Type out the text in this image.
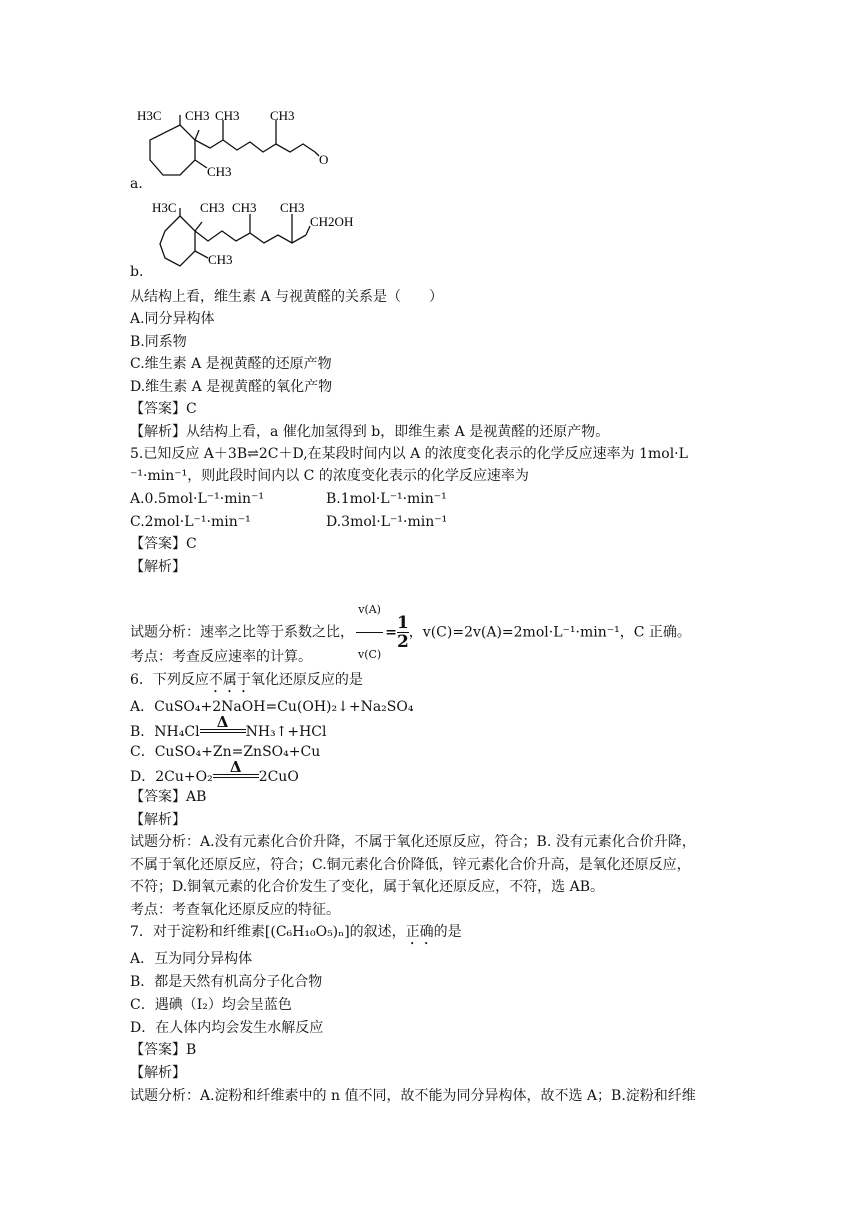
H3C CH3 CH3 CH3
CH3
O
a.
H3C CH3 CH3 CH3
CH3
CH2OH
b.
从结构上看，维生素 A 与视黄醛的关系是（　　）
A.同分异构体
B.同系物
C.维生素 A 是视黄醛的还原产物
D.维生素 A 是视黄醛的氧化产物
【答案】C
【解析】从结构上看，a 催化加氢得到 b，即维生素 A 是视黄醛的还原产物。
5.已知反应 A＋3B⇌2C＋D,在某段时间内以 A 的浓度变化表示的化学反应速率为 1mol·L
⁻¹·min⁻¹，则此段时间内以 C 的浓度变化表示的化学反应速率为
A.0.5mol·L⁻¹·min⁻¹	B.1mol·L⁻¹·min⁻¹
C.2mol·L⁻¹·min⁻¹	D.3mol·L⁻¹·min⁻¹
【答案】C
【解析】
试题分析：速率之比等于系数之比， $\frac{v(A)}{v(C)} = \frac{1}{2}$，v(C)=2v(A)=2mol·L⁻¹·min⁻¹，C 正确。
考点：考查反应速率的计算。
6．下列反应不属于氧化还原反应的是
A．CuSO₄+2NaOH=Cu(OH)₂↓+Na₂SO₄
B．NH₄Cl
Δ
NH₃↑+HCl
C．CuSO₄+Zn=ZnSO₄+Cu
D．2Cu+O₂
Δ
2CuO
【答案】AB
【解析】
试题分析：A.没有元素化合价升降，不属于氧化还原反应，符合；B. 没有元素化合价升降，
不属于氧化还原反应，符合；C.铜元素化合价降低，锌元素化合价升高，是氧化还原反应，
不符；D.铜氧元素的化合价发生了变化，属于氧化还原反应，不符，选 AB。
考点：考查氧化还原反应的特征。
7．对于淀粉和纤维素[(C₆H₁₀O₅)ₙ]的叙述，正确的是
A．互为同分异构体
B．都是天然有机高分子化合物
C．遇碘（I₂）均会呈蓝色
D．在人体内均会发生水解反应
【答案】B
【解析】
试题分析：A.淀粉和纤维素中的 n 值不同，故不能为同分异构体，故不选 A；B.淀粉和纤维
